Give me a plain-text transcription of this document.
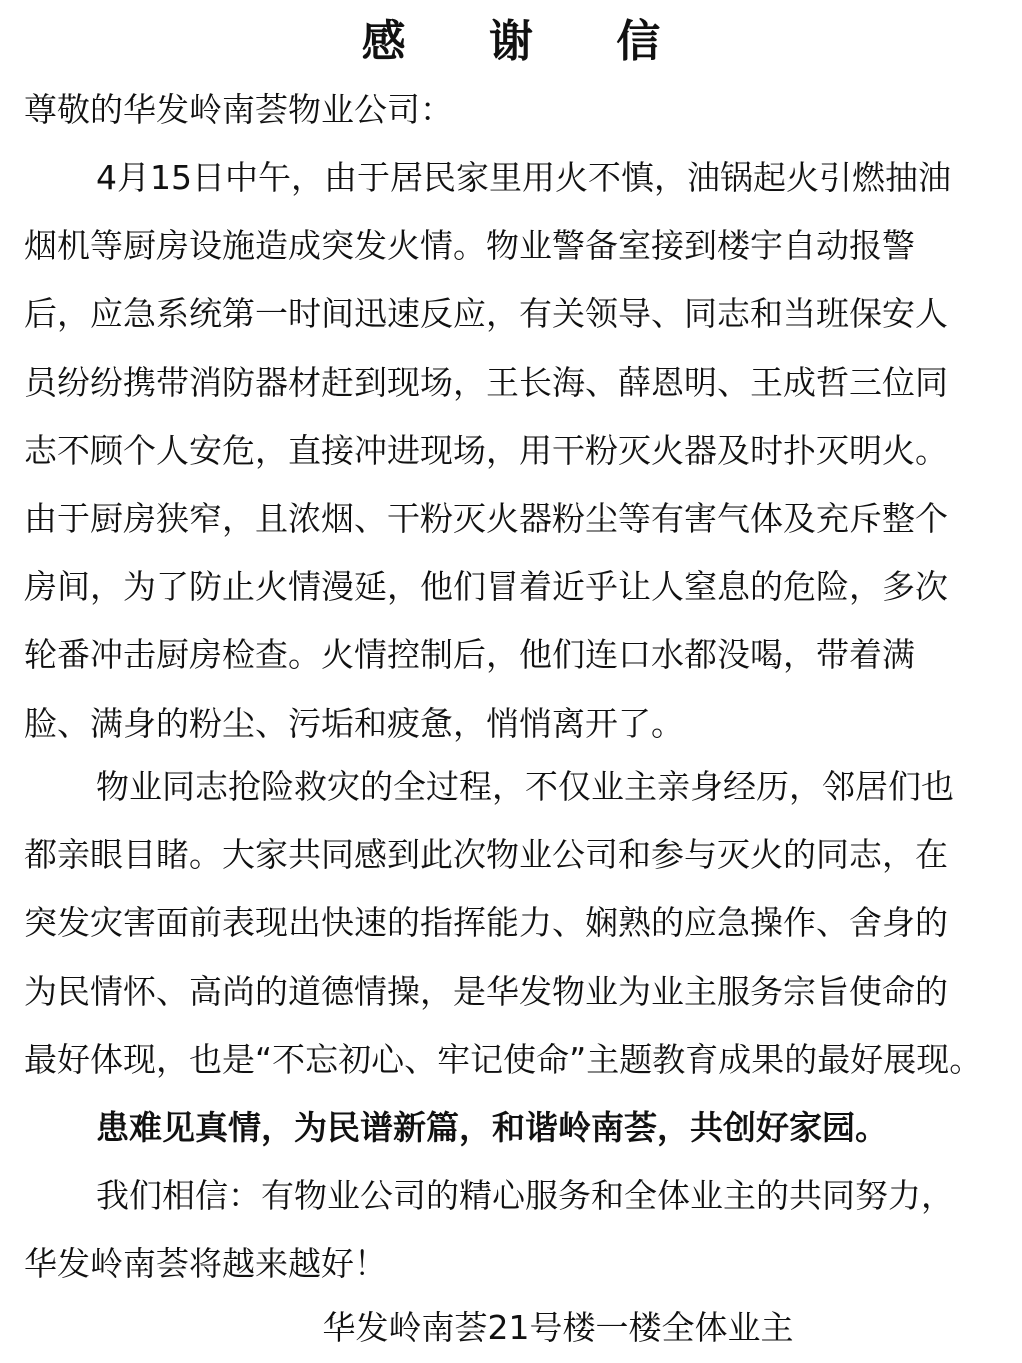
感 谢 信
尊敬的华发岭南荟物业公司：
4月15日中午，由于居民家里用火不慎，油锅起火引燃抽油
烟机等厨房设施造成突发火情。物业警备室接到楼宇自动报警
后，应急系统第一时间迅速反应，有关领导、同志和当班保安人
员纷纷携带消防器材赶到现场，王长海、薛恩明、王成哲三位同
志不顾个人安危，直接冲进现场，用干粉灭火器及时扑灭明火。
由于厨房狭窄，且浓烟、干粉灭火器粉尘等有害气体及充斥整个
房间，为了防止火情漫延，他们冒着近乎让人窒息的危险，多次
轮番冲击厨房检查。火情控制后，他们连口水都没喝，带着满
脸、满身的粉尘、污垢和疲惫，悄悄离开了。
物业同志抢险救灾的全过程，不仅业主亲身经历，邻居们也
都亲眼目睹。大家共同感到此次物业公司和参与灭火的同志，在
突发灾害面前表现出快速的指挥能力、娴熟的应急操作、舍身的
为民情怀、高尚的道德情操，是华发物业为业主服务宗旨使命的
最好体现，也是“不忘初心、牢记使命”主题教育成果的最好展现。
患难见真情，为民谱新篇，和谐岭南荟，共创好家园。
我们相信：有物业公司的精心服务和全体业主的共同努力，
华发岭南荟将越来越好！
华发岭南荟21号楼一楼全体业主
